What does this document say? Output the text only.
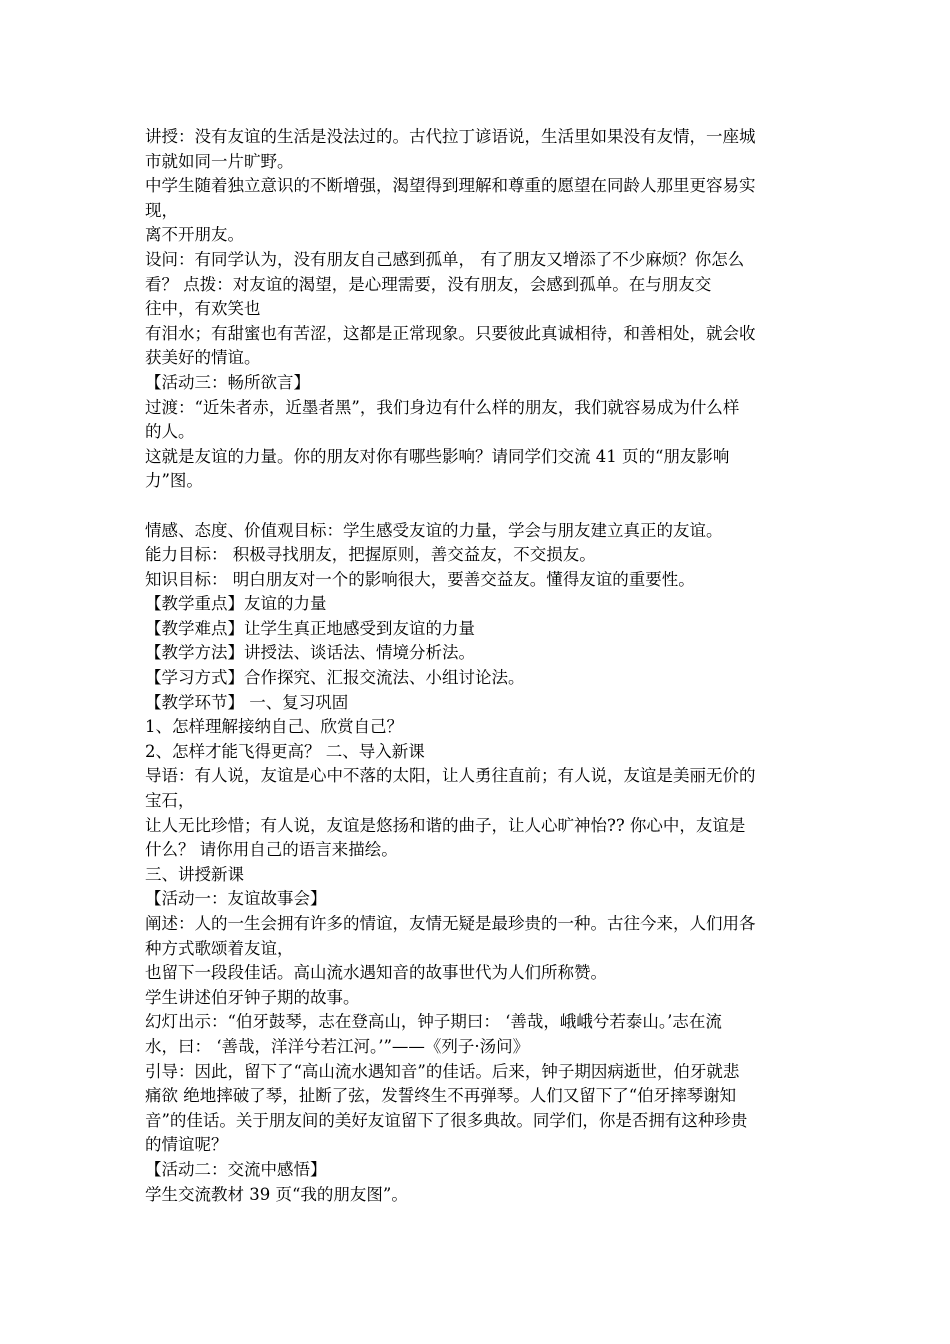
讲授：没有友谊的生活是没法过的。古代拉丁谚语说，生活里如果没有友情，一座城
市就如同一片旷野。
中学生随着独立意识的不断增强，渴望得到理解和尊重的愿望在同龄人那里更容易实
现，
离不开朋友。
设问：有同学认为，没有朋友自己感到孤单， 有了朋友又增添了不少麻烦？你怎么
看？ 点拨：对友谊的渴望，是心理需要，没有朋友，会感到孤单。在与朋友交
往中，有欢笑也
有泪水；有甜蜜也有苦涩，这都是正常现象。只要彼此真诚相待，和善相处，就会收
获美好的情谊。
【活动三：畅所欲言】
过渡：“近朱者赤，近墨者黑”，我们身边有什么样的朋友，我们就容易成为什么样
的人。
这就是友谊的力量。你的朋友对你有哪些影响？请同学们交流 41 页的“朋友影响
力”图。
情感、态度、价值观目标：学生感受友谊的力量，学会与朋友建立真正的友谊。
能力目标： 积极寻找朋友，把握原则，善交益友，不交损友。
知识目标： 明白朋友对一个的影响很大，要善交益友。懂得友谊的重要性。
【教学重点】友谊的力量
【教学难点】让学生真正地感受到友谊的力量
【教学方法】讲授法、谈话法、情境分析法。
【学习方式】合作探究、汇报交流法、小组讨论法。
【教学环节】 一、复习巩固
1、怎样理解接纳自己、欣赏自己？
2、怎样才能飞得更高？ 二、导入新课
导语：有人说，友谊是心中不落的太阳，让人勇往直前；有人说，友谊是美丽无价的
宝石，
让人无比珍惜；有人说，友谊是悠扬和谐的曲子，让人心旷神怡?? 你心中，友谊是
什么？ 请你用自己的语言来描绘。
三、讲授新课
【活动一：友谊故事会】
阐述：人的一生会拥有许多的情谊，友情无疑是最珍贵的一种。古往今来，人们用各
种方式歌颂着友谊，
也留下一段段佳话。高山流水遇知音的故事世代为人们所称赞。
学生讲述伯牙钟子期的故事。
幻灯出示：“伯牙鼓琴，志在登高山，钟子期曰： ‘善哉，峨峨兮若泰山。’志在流
水，曰： ‘善哉，洋洋兮若江河。’”——《列子·汤问》
引导：因此，留下了“高山流水遇知音”的佳话。后来，钟子期因病逝世，伯牙就悲
痛欲 绝地摔破了琴，扯断了弦，发誓终生不再弹琴。人们又留下了“伯牙摔琴谢知
音”的佳话。关于朋友间的美好友谊留下了很多典故。同学们，你是否拥有这种珍贵
的情谊呢？
【活动二：交流中感悟】
学生交流教材 39 页“我的朋友图”。
